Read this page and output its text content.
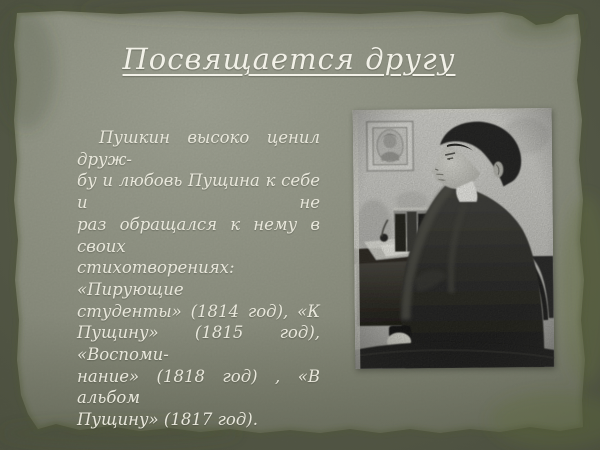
Посвящается другу
Пушкин высоко ценил друж-
бу и любовь Пущина к себе и не
раз обращался к нему в своих
стихотворениях: «Пирующие
студенты» (1814 год), «К
Пущину» (1815 год), «Воспоми-
нание» (1818 год) , «В альбом
Пущину» (1817 год).
